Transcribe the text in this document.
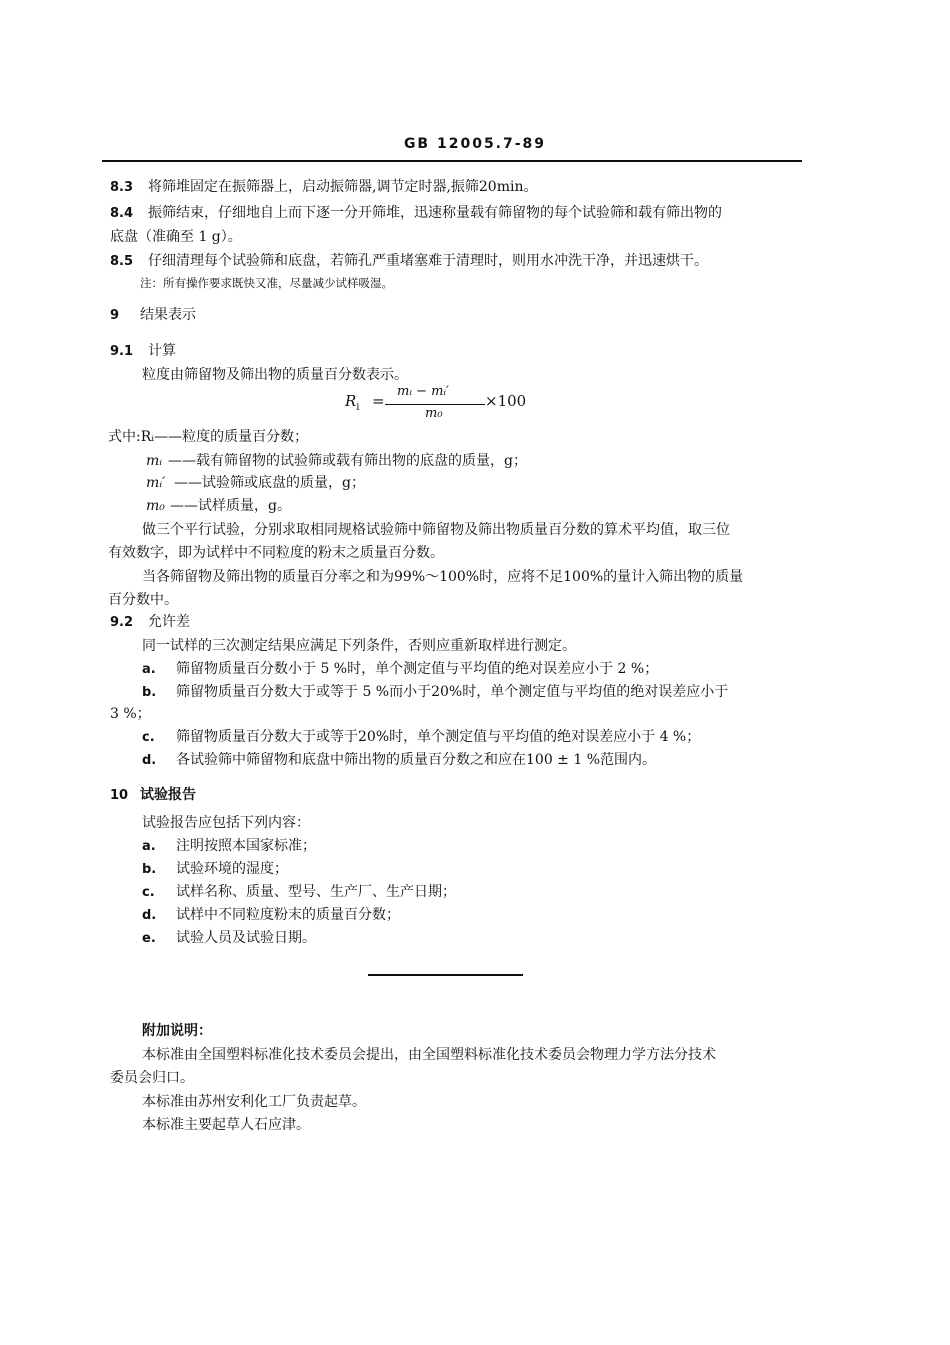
GB 12005.7-89
8.3 将筛堆固定在振筛器上，启动振筛器,调节定时器,振筛20min。
8.4 振筛结束，仔细地自上而下逐一分开筛堆，迅速称量载有筛留物的每个试验筛和载有筛出物的
底盘（准确至 1 g）。
8.5 仔细清理每个试验筛和底盘，若筛孔严重堵塞难于清理时，则用水冲洗干净，并迅速烘干。
注：所有操作要求既快又准，尽量减少试样吸湿。
9 结果表示
9.1 计算
粒度由筛留物及筛出物的质量百分数表示。
$R_i$ =
mᵢ − mᵢ′
m₀
×100
式中:Rᵢ——粒度的质量百分数；
mᵢ ——载有筛留物的试验筛或载有筛出物的底盘的质量，g；
mᵢ′ ——试验筛或底盘的质量，g；
m₀ ——试样质量，g。
做三个平行试验，分别求取相同规格试验筛中筛留物及筛出物质量百分数的算术平均值，取三位
有效数字，即为试样中不同粒度的粉末之质量百分数。
当各筛留物及筛出物的质量百分率之和为99%～100%时，应将不足100%的量计入筛出物的质量
百分数中。
9.2 允许差
同一试样的三次测定结果应满足下列条件，否则应重新取样进行测定。
a. 筛留物质量百分数小于 5 %时，单个测定值与平均值的绝对误差应小于 2 %；
b. 筛留物质量百分数大于或等于 5 %而小于20%时，单个测定值与平均值的绝对误差应小于
3 %；
c. 筛留物质量百分数大于或等于20%时，单个测定值与平均值的绝对误差应小于 4 %；
d. 各试验筛中筛留物和底盘中筛出物的质量百分数之和应在100 ± 1 %范围内。
10 试验报告
试验报告应包括下列内容：
a. 注明按照本国家标准；
b. 试验环境的湿度；
c. 试样名称、质量、型号、生产厂、生产日期；
d. 试样中不同粒度粉末的质量百分数；
e. 试验人员及试验日期。
附加说明：
本标准由全国塑料标准化技术委员会提出，由全国塑料标准化技术委员会物理力学方法分技术
委员会归口。
本标准由苏州安利化工厂负责起草。
本标准主要起草人石应津。
